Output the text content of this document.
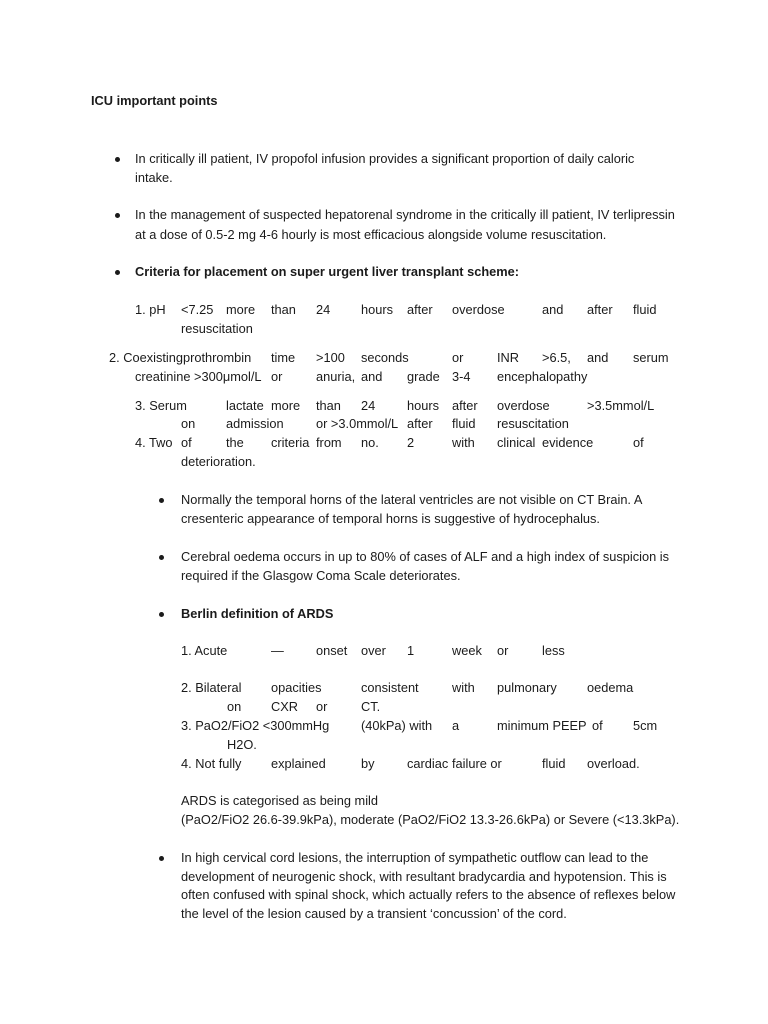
ICU important points
In critically ill patient, IV propofol infusion provides a significant proportion of daily caloric
intake.
In the management of suspected hepatorenal syndrome in the critically ill patient, IV terlipressin
at a dose of 0.5-2 mg 4-6 hourly is most efficacious alongside volume resuscitation.
Criteria for placement on super urgent liver transplant scheme:
1. pH <7.25 more than 24 hours after overdose	and after fluid
resuscitation
2. Coexistingprothrombin time >100 seconds	or	INR >6.5, and serum
creatinine >300μmol/L or	anuria, and grade 3-4 encephalopathy
3. Serum	lactate more than 24 hours after overdose	>3.5mmol/L
on admission	or >3.0mmol/L after fluid resuscitation
4. Two of	the criteria from no. 2	with clinical evidence	of
deterioration.
Normally the temporal horns of the lateral ventricles are not visible on CT Brain. A
cresenteric appearance of temporal horns is suggestive of hydrocephalus.
Cerebral oedema occurs in up to 80% of cases of ALF and a high index of suspicion is
required if the Glasgow Coma Scale deteriorates.
Berlin definition of ARDS
1. Acute	—	onset over 1	week or	less
2. Bilateral opacities	consistent	with pulmonary oedema
on CXR or	CT.
3. PaO2/FiO2 <300mmHg (40kPa) with a	minimum PEEP of 5cm
H2O.
4. Not fully explained	by	cardiac failure or	fluid overload.
ARDS is categorised as being mild
(PaO2/FiO2 26.6-39.9kPa), moderate (PaO2/FiO2 13.3-26.6kPa) or Severe (<13.3kPa).
In high cervical cord lesions, the interruption of sympathetic outflow can lead to the
development of neurogenic shock, with resultant bradycardia and hypotension. This is
often confused with spinal shock, which actually refers to the absence of reflexes below
the level of the lesion caused by a transient ‘concussion’ of the cord.
